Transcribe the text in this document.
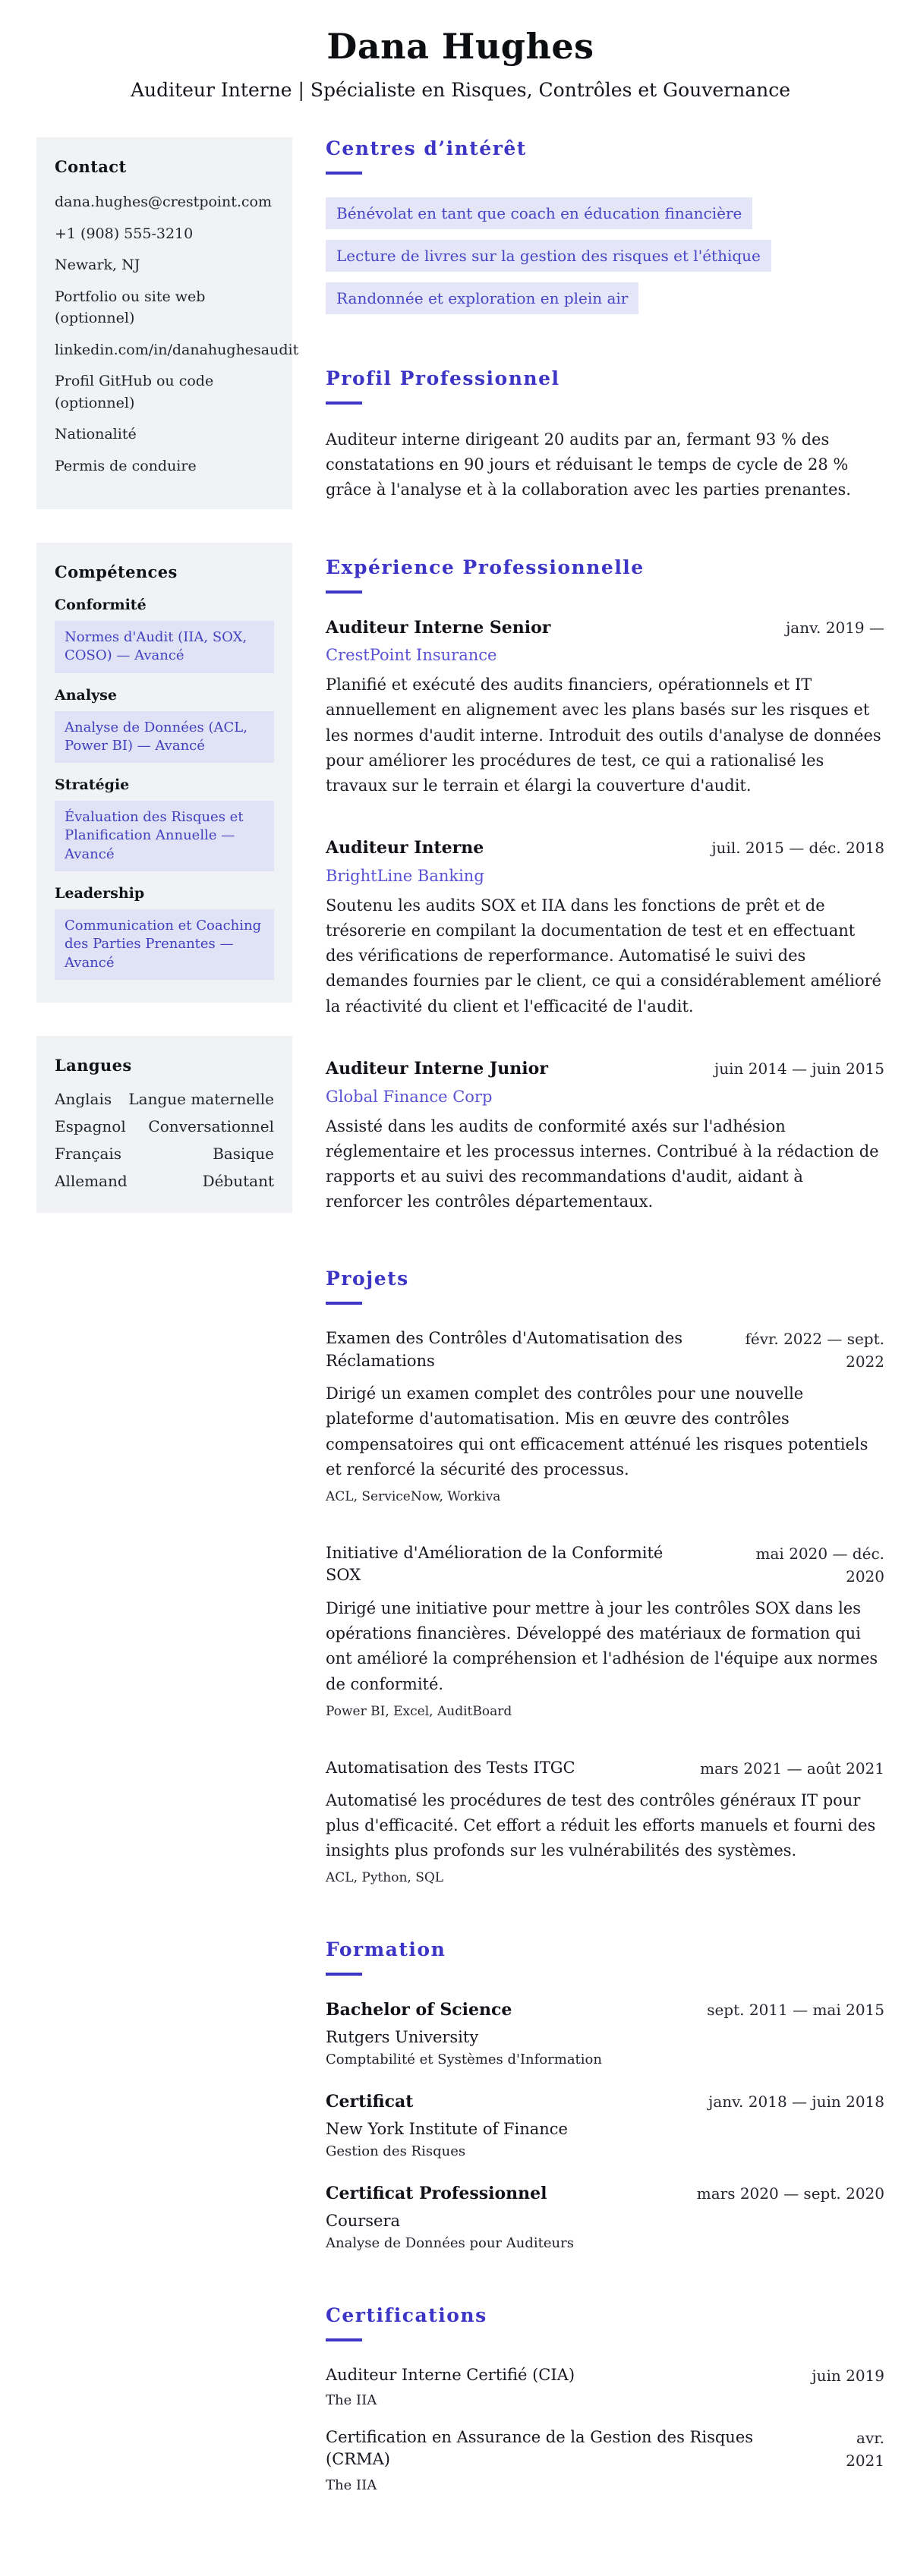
Dana Hughes
Auditeur Interne | Spécialiste en Risques, Contrôles et Gouvernance
Contact
dana.hughes@crestpoint.com
+1 (908) 555-3210
Newark, NJ
Portfolio ou site web (optionnel)
linkedin.com/in/danahughesaudit
Profil GitHub ou code (optionnel)
Nationalité
Permis de conduire
Compétences
Conformité
Normes d'Audit (IIA, SOX, COSO) — Avancé
Analyse
Analyse de Données (ACL, Power BI) — Avancé
Stratégie
Évaluation des Risques et Planification Annuelle — Avancé
Leadership
Communication et Coaching des Parties Prenantes — Avancé
Langues
Anglais Langue maternelle
Espagnol Conversationnel
Français	Basique
Allemand	Débutant
Centres d’intérêt
Bénévolat en tant que coach en éducation financière
Lecture de livres sur la gestion des risques et l'éthique
Randonnée et exploration en plein air
Profil Professionnel

Auditeur interne dirigeant 20 audits par an, fermant 93 % des constatations en 90 jours et réduisant le temps de cycle de 28 % grâce à l'analyse et à la collaboration avec les parties prenantes.

Expérience Professionnelle
Auditeur Interne Senior	janv. 2019 —
CrestPoint Insurance
Planifié et exécuté des audits financiers, opérationnels et IT annuellement en alignement avec les plans basés sur les risques et les normes d'audit interne. Introduit des outils d'analyse de données pour améliorer les procédures de test, ce qui a rationalisé les travaux sur le terrain et élargi la couverture d'audit.
Auditeur Interne	juil. 2015 — déc. 2018
BrightLine Banking
Soutenu les audits SOX et IIA dans les fonctions de prêt et de trésorerie en compilant la documentation de test et en effectuant des vérifications de reperformance. Automatisé le suivi des demandes fournies par le client, ce qui a considérablement amélioré la réactivité du client et l'efficacité de l'audit.
Auditeur Interne Junior	juin 2014 — juin 2015
Global Finance Corp
Assisté dans les audits de conformité axés sur l'adhésion réglementaire et les processus internes. Contribué à la rédaction de rapports et au suivi des recommandations d'audit, aidant à renforcer les contrôles départementaux.
Projets
Examen des Contrôles d'Automatisation des Réclamations
févr. 2022 — sept. 2022
Dirigé un examen complet des contrôles pour une nouvelle plateforme d'automatisation. Mis en œuvre des contrôles compensatoires qui ont efficacement atténué les risques potentiels et renforcé la sécurité des processus.
ACL, ServiceNow, Workiva
Initiative d'Amélioration de la Conformité SOX
mai 2020 — déc. 2020
Dirigé une initiative pour mettre à jour les contrôles SOX dans les opérations financières. Développé des matériaux de formation qui ont amélioré la compréhension et l'adhésion de l'équipe aux normes de conformité.
Power BI, Excel, AuditBoard
Automatisation des Tests ITGC	mars 2021 — août 2021
Automatisé les procédures de test des contrôles généraux IT pour plus d'efficacité. Cet effort a réduit les efforts manuels et fourni des insights plus profonds sur les vulnérabilités des systèmes.
ACL, Python, SQL
Formation
Bachelor of Science	sept. 2011 — mai 2015
Rutgers University
Comptabilité et Systèmes d'Information
Certificat	janv. 2018 — juin 2018
New York Institute of Finance
Gestion des Risques
Certificat Professionnel	mars 2020 — sept. 2020
Coursera
Analyse de Données pour Auditeurs
Certifications
Auditeur Interne Certifié (CIA)	juin 2019
The IIA
Certification en Assurance de la Gestion des Risques (CRMA)
avr. 2021
The IIA
